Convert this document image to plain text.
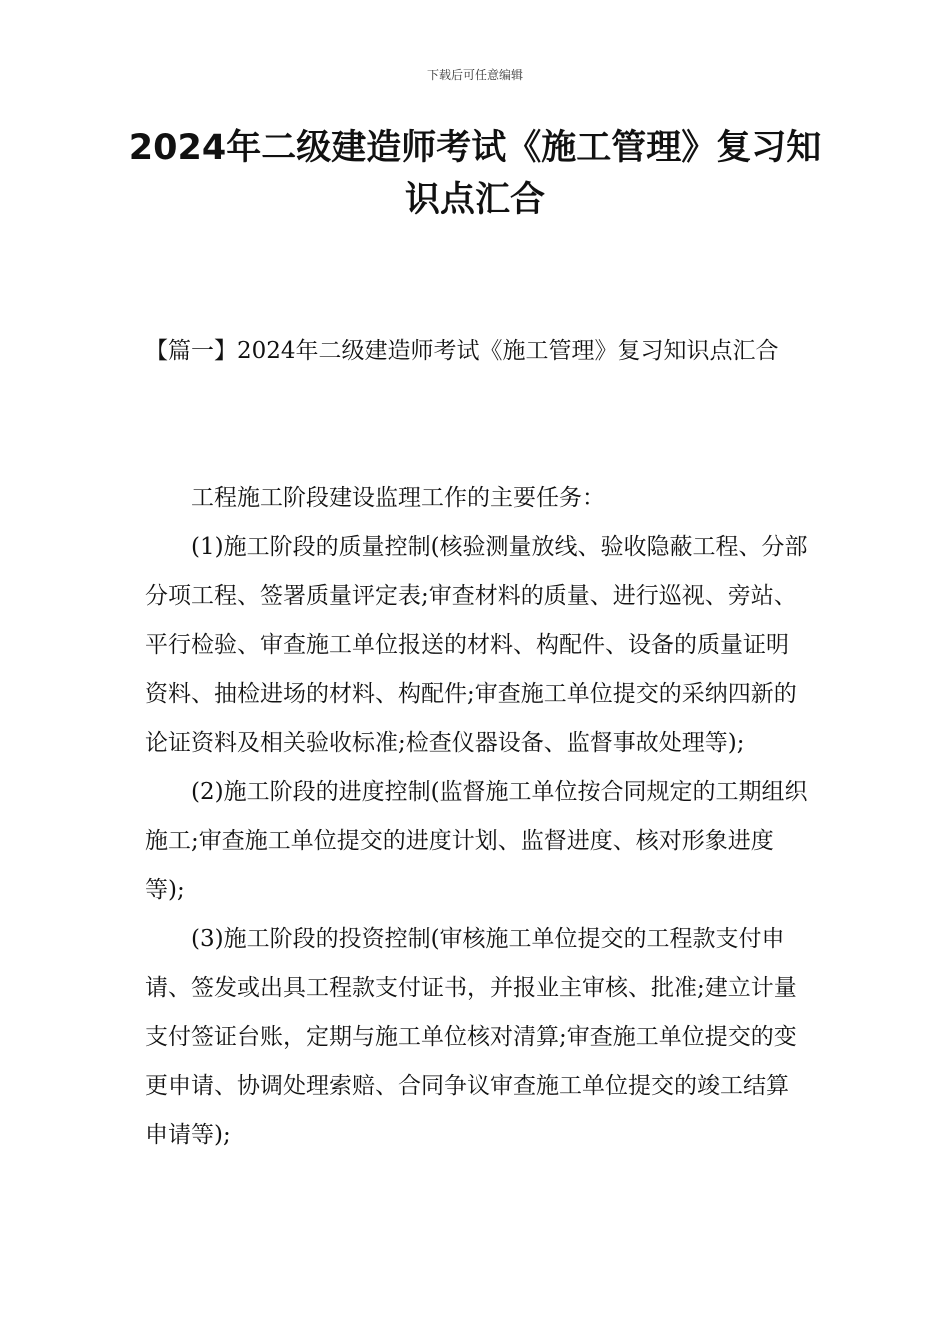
下载后可任意编辑
2024年二级建造师考试《施工管理》复习知识点汇合

【篇一】2024年二级建造师考试《施工管理》复习知识点汇合

工程施工阶段建设监理工作的主要任务：

(1)施工阶段的质量控制(核验测量放线、验收隐蔽工程、分部分项工程、签署质量评定表;审查材料的质量、进行巡视、旁站、平行检验、审查施工单位报送的材料、构配件、设备的质量证明资料、抽检进场的材料、构配件;审查施工单位提交的采纳四新的论证资料及相关验收标准;检查仪器设备、监督事故处理等);

(2)施工阶段的进度控制(监督施工单位按合同规定的工期组织施工;审查施工单位提交的进度计划、监督进度、核对形象进度等);

(3)施工阶段的投资控制(审核施工单位提交的工程款支付申请、签发或出具工程款支付证书，并报业主审核、批准;建立计量支付签证台账，定期与施工单位核对清算;审查施工单位提交的变更申请、协调处理索赔、合同争议审查施工单位提交的竣工结算申请等);
